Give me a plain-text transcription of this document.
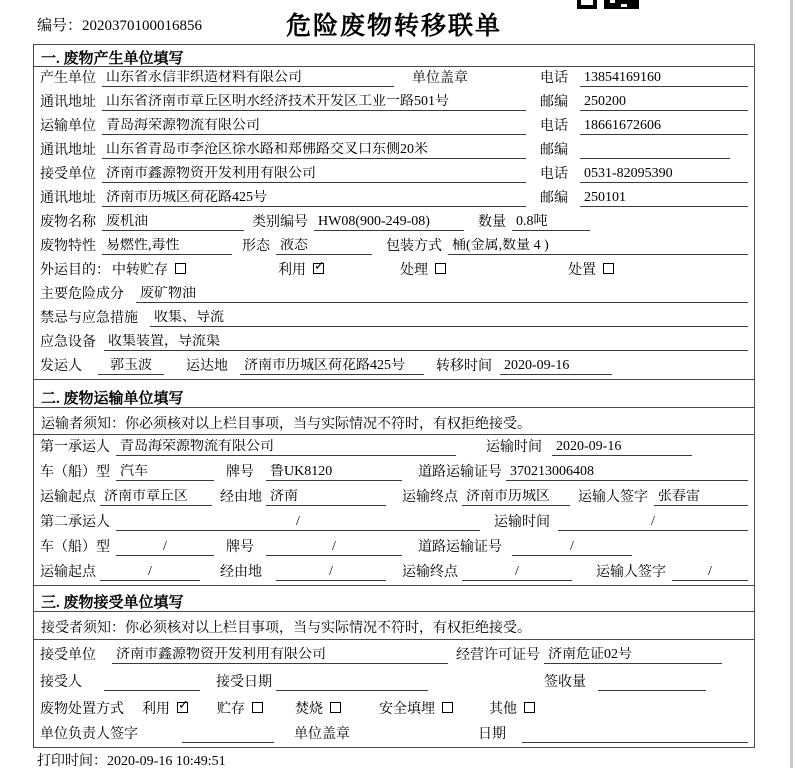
编号：2020370100016856	危险废物转移联单
一. 废物产生单位填写
产生单位 山东省永信非织造材料有限公司	单位盖章	电话	13854169160
通讯地址 山东省济南市章丘区明水经济技术开发区工业一路501号	邮编	250200
运输单位 青岛海荣源物流有限公司	电话	18661672606
通讯地址 山东省青岛市李沧区徐水路和郑佛路交叉口东侧20米	邮编
接受单位 济南市鑫源物资开发利用有限公司	电话	0531-82095390
通讯地址 济南市历城区荷花路425号	邮编	250101
废物名称 废机油	类别编号 HW08(900-249-08)	数量 0.8吨
废物特性 易燃性,毒性	形态 液态	包装方式 桶(金属,数量 4 )
外运目的： 中转贮存	利用 ✓	处理	处置
主要危险成分	废矿物油
禁忌与应急措施	收集、导流
应急设备 收集装置，导流渠
发运人	郭玉波	运达地 济南市历城区荷花路425号	转移时间 2020-09-16
二. 废物运输单位填写
运输者须知：你必须核对以上栏目事项，当与实际情况不符时，有权拒绝接受。
第一承运人 青岛海荣源物流有限公司	运输时间 2020-09-16
车（船）型 汽车	牌号 鲁UK8120	道路运输证号 370213006408
运输起点 济南市章丘区	经由地 济南	运输终点 济南市历城区	运输人签字 张春雷
第二承运人	/	运输时间	/
车（船）型	/	牌号	/	道路运输证号	/
运输起点	/	经由地	/	运输终点	/	运输人签字	/
三. 废物接受单位填写
接受者须知：你必须核对以上栏目事项，当与实际情况不符时，有权拒绝接受。
接受单位	济南市鑫源物资开发利用有限公司	经营许可证号 济南危证02号
接受人	接受日期	签收量
废物处置方式 利用 ✓	贮存	焚烧	安全填埋	其他
单位负责人签字	单位盖章	日期
打印时间：2020-09-16 10:49:51
